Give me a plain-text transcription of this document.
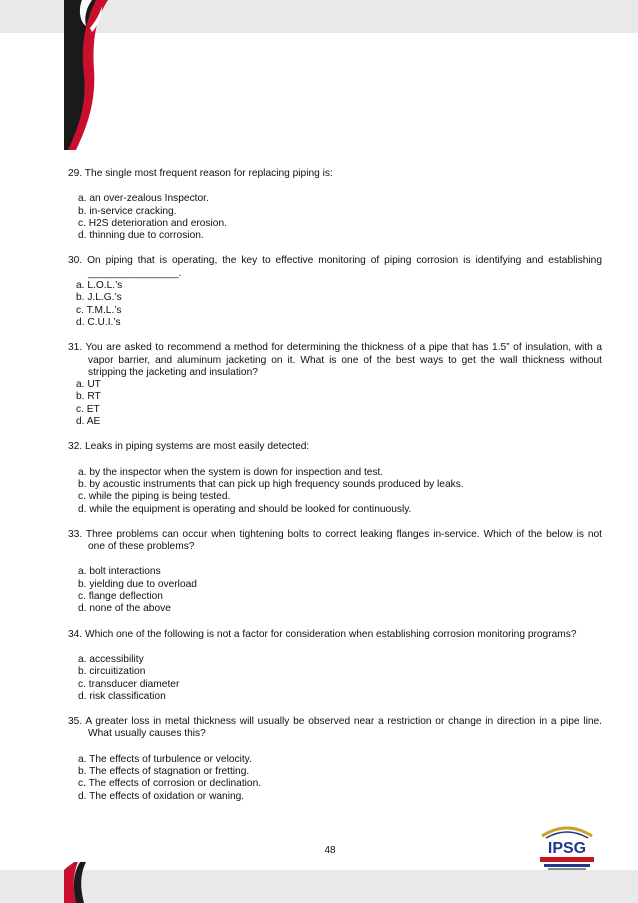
29. The single most frequent reason for replacing piping is:

a. an over-zealous Inspector.

b. in-service cracking.

c. H2S deterioration and erosion.

d. thinning due to corrosion.

30. On piping that is operating, the key to effective monitoring of piping corrosion is identifying and establishing ________________.

a. L.O.L.’s

b. J.L.G.’s

c. T.M.L.’s

d. C.U.I.’s

31. You are asked to recommend a method for determining the thickness of a pipe that has 1.5” of insulation, with a vapor barrier, and aluminum jacketing on it. What is one of the best ways to get the wall thickness without stripping the jacketing and insulation?

a. UT

b. RT

c. ET

d. AE

32. Leaks in piping systems are most easily detected:

a. by the inspector when the system is down for inspection and test.

b. by acoustic instruments that can pick up high frequency sounds produced by leaks.

c. while the piping is being tested.

d. while the equipment is operating and should be looked for continuously.

33. Three problems can occur when tightening bolts to correct leaking flanges in-service. Which of the below is not one of these problems?

a. bolt interactions

b. yielding due to overload

c. flange deflection

d. none of the above

34. Which one of the following is not a factor for consideration when establishing corrosion monitoring programs?

a. accessibility

b. circuitization

c. transducer diameter

d. risk classification

35. A greater loss in metal thickness will usually be observed near a restriction or change in direction in a pipe line. What usually causes this?

a. The effects of turbulence or velocity.

b. The effects of stagnation or fretting.

c. The effects of corrosion or declination.

d. The effects of oxidation or waning.

48	IPSG
